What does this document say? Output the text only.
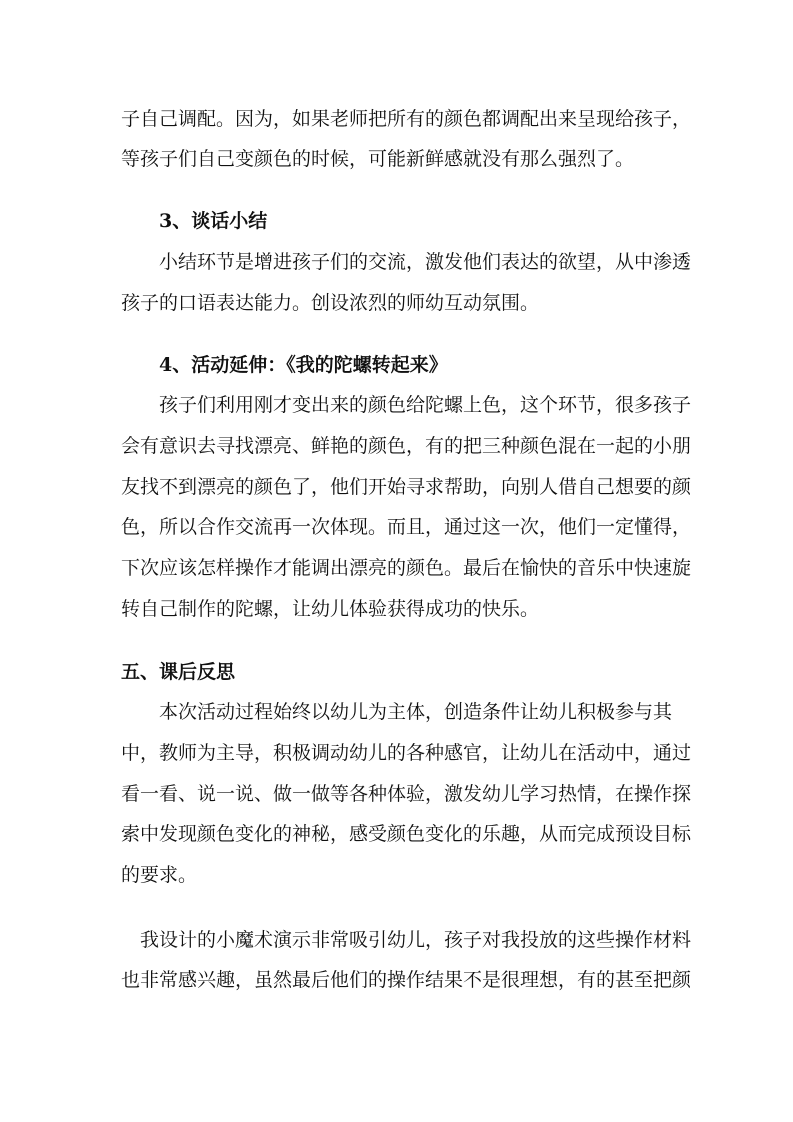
子自己调配。因为，如果老师把所有的颜色都调配出来呈现给孩子，
等孩子们自己变颜色的时候，可能新鲜感就没有那么强烈了。
3、谈话小结
小结环节是增进孩子们的交流，激发他们表达的欲望，从中渗透
孩子的口语表达能力。创设浓烈的师幼互动氛围。
4、活动延伸：《我的陀螺转起来》
孩子们利用刚才变出来的颜色给陀螺上色，这个环节，很多孩子
会有意识去寻找漂亮、鲜艳的颜色，有的把三种颜色混在一起的小朋
友找不到漂亮的颜色了，他们开始寻求帮助，向别人借自己想要的颜
色，所以合作交流再一次体现。而且，通过这一次，他们一定懂得，
下次应该怎样操作才能调出漂亮的颜色。最后在愉快的音乐中快速旋
转自己制作的陀螺，让幼儿体验获得成功的快乐。
五、课后反思
本次活动过程始终以幼儿为主体，创造条件让幼儿积极参与其
中，教师为主导，积极调动幼儿的各种感官，让幼儿在活动中，通过
看一看、说一说、做一做等各种体验，激发幼儿学习热情，在操作探
索中发现颜色变化的神秘，感受颜色变化的乐趣，从而完成预设目标
的要求。
我设计的小魔术演示非常吸引幼儿，孩子对我投放的这些操作材料
也非常感兴趣，虽然最后他们的操作结果不是很理想，有的甚至把颜
